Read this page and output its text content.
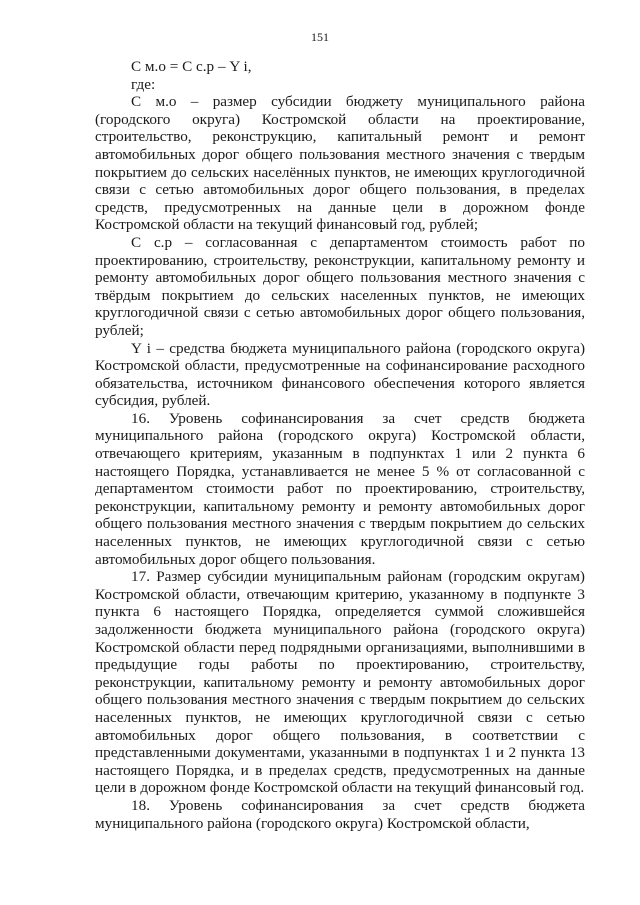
151

С м.о = С с.р – Y i,

где:

С м.о – размер субсидии бюджету муниципального района (городского округа) Костромской области на проектирование, строительство, реконструкцию, капитальный ремонт и ремонт автомобильных дорог общего пользования местного значения с твердым покрытием до сельских населённых пунктов, не имеющих круглогодичной связи с сетью автомобильных дорог общего пользования, в пределах средств, предусмотренных на данные цели в дорожном фонде Костромской области на текущий финансовый год, рублей;

С с.р – согласованная с департаментом стоимость работ по проектированию, строительству, реконструкции, капитальному ремонту и ремонту автомобильных дорог общего пользования местного значения с твёрдым покрытием до сельских населенных пунктов, не имеющих круглогодичной связи с сетью автомобильных дорог общего пользования, рублей;

Y i – средства бюджета муниципального района (городского округа) Костромской области, предусмотренные на софинансирование расходного обязательства, источником финансового обеспечения которого является субсидия, рублей.

16. Уровень софинансирования за счет средств бюджета муниципального района (городского округа) Костромской области, отвечающего критериям, указанным в подпунктах 1 или 2 пункта 6 настоящего Порядка, устанавливается не менее 5 % от согласованной с департаментом стоимости работ по проектированию, строительству, реконструкции, капитальному ремонту и ремонту автомобильных дорог общего пользования местного значения с твердым покрытием до сельских населенных пунктов, не имеющих круглогодичной связи с сетью автомобильных дорог общего пользования.

17. Размер субсидии муниципальным районам (городским округам) Костромской области, отвечающим критерию, указанному в подпункте 3 пункта 6 настоящего Порядка, определяется суммой сложившейся задолженности бюджета муниципального района (городского округа) Костромской области перед подрядными организациями, выполнившими в предыдущие годы работы по проектированию, строительству, реконструкции, капитальному ремонту и ремонту автомобильных дорог общего пользования местного значения с твердым покрытием до сельских населенных пунктов, не имеющих круглогодичной связи с сетью автомобильных дорог общего пользования, в соответствии с представленными документами, указанными в подпунктах 1 и 2 пункта 13 настоящего Порядка, и в пределах средств, предусмотренных на данные цели в дорожном фонде Костромской области на текущий финансовый год.

18. Уровень софинансирования за счет средств бюджета муниципального района (городского округа) Костромской области,
